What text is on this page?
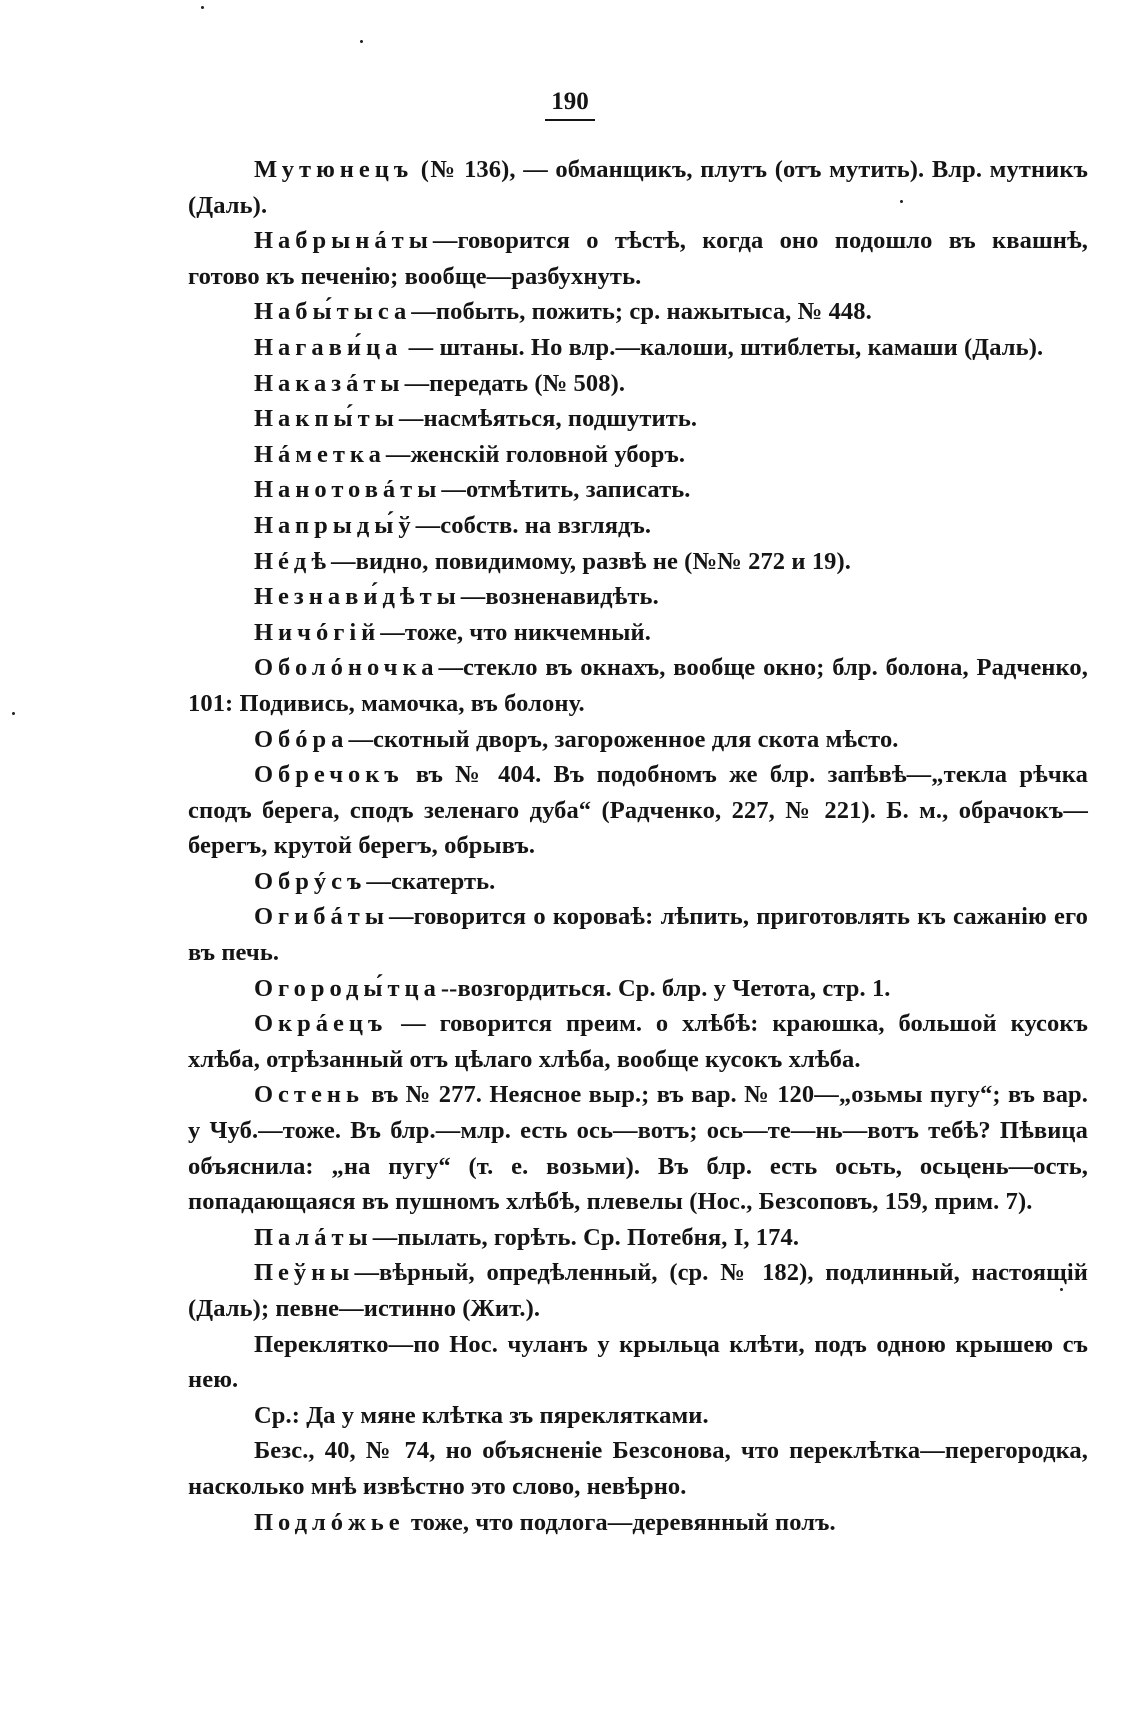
190

Мутюнецъ (№ 136), — обманщикъ, плутъ (отъ мутить). Влр. мутникъ (Даль).

Набрынáты—говорится о тѣстѣ, когда оно подошло въ квашнѣ, готово къ печенію; вообще—разбухнуть.

Набы́тыса—побыть, пожить; ср. нажытыса, № 448.

Нагави́ца — штаны. Но влр.—калоши, штиблеты, камаши (Даль).

Наказáты—передать (№ 508).

Накпы́ты—насмѣяться, подшутить.

Нáметка—женскій головной уборъ.

Нанотовáты—отмѣтить, записать.

Напрыды́ў—собств. на взглядъ.

Нéдѣ—видно, повидимому, развѣ не (№№ 272 и 19).

Незнави́дѣты—возненавидѣть.

Ничóгій—тоже, что никчемный.

Оболóночка—стекло въ окнахъ, вообще окно; блр. болона, Радченко, 101: Подивись, мамочка, въ болону.

Обóра—скотный дворъ, загороженное для скота мѣсто.

Обречокъ въ № 404. Въ подобномъ же блр. запѣвѣ—„текла рѣчка сподъ берега, сподъ зеленаго дуба“ (Радченко, 227, № 221). Б. м., обрачокъ—берегъ, крутой берегъ, обрывъ.

Обрýсъ—скатерть.

Огибáты—говорится о короваѣ: лѣпить, приготовлять къ сажанію его въ печь.

Огороды́тца--возгордиться. Ср. блр. у Четота, стр. 1.

Окрáецъ — говорится преим. о хлѣбѣ: краюшка, большой кусокъ хлѣба, отрѣзанный отъ цѣлаго хлѣба, вообще кусокъ хлѣба.

Остень въ № 277. Неясное выр.; въ вар. № 120—„озьмы пугу“; въ вар. у Чуб.—тоже. Въ блр.—млр. есть ось—вотъ; ось—те—нь—вотъ тебѣ? Пѣвица объяснила: „на пугу“ (т. е. возьми). Въ блр. есть осьть, осьцень—ость, попадающаяся въ пушномъ хлѣбѣ, плевелы (Нос., Безсоповъ, 159, прим. 7).

Палáты—пылать, горѣть. Ср. Потебня, I, 174.

Пеўны—вѣрный, опредѣленный, (ср. № 182), подлинный, настоящій (Даль); певне—истинно (Жит.).

Переклятко—по Нос. чуланъ у крыльца клѣти, подъ одною крышею съ нею.

Ср.: Да у мяне клѣтка зъ пяреклятками.

Безс., 40, № 74, но объясненіе Безсонова, что переклѣтка—перегородка, насколько мнѣ извѣстно это слово, невѣрно.

Подлóжье тоже, что подлога—деревянный полъ.
